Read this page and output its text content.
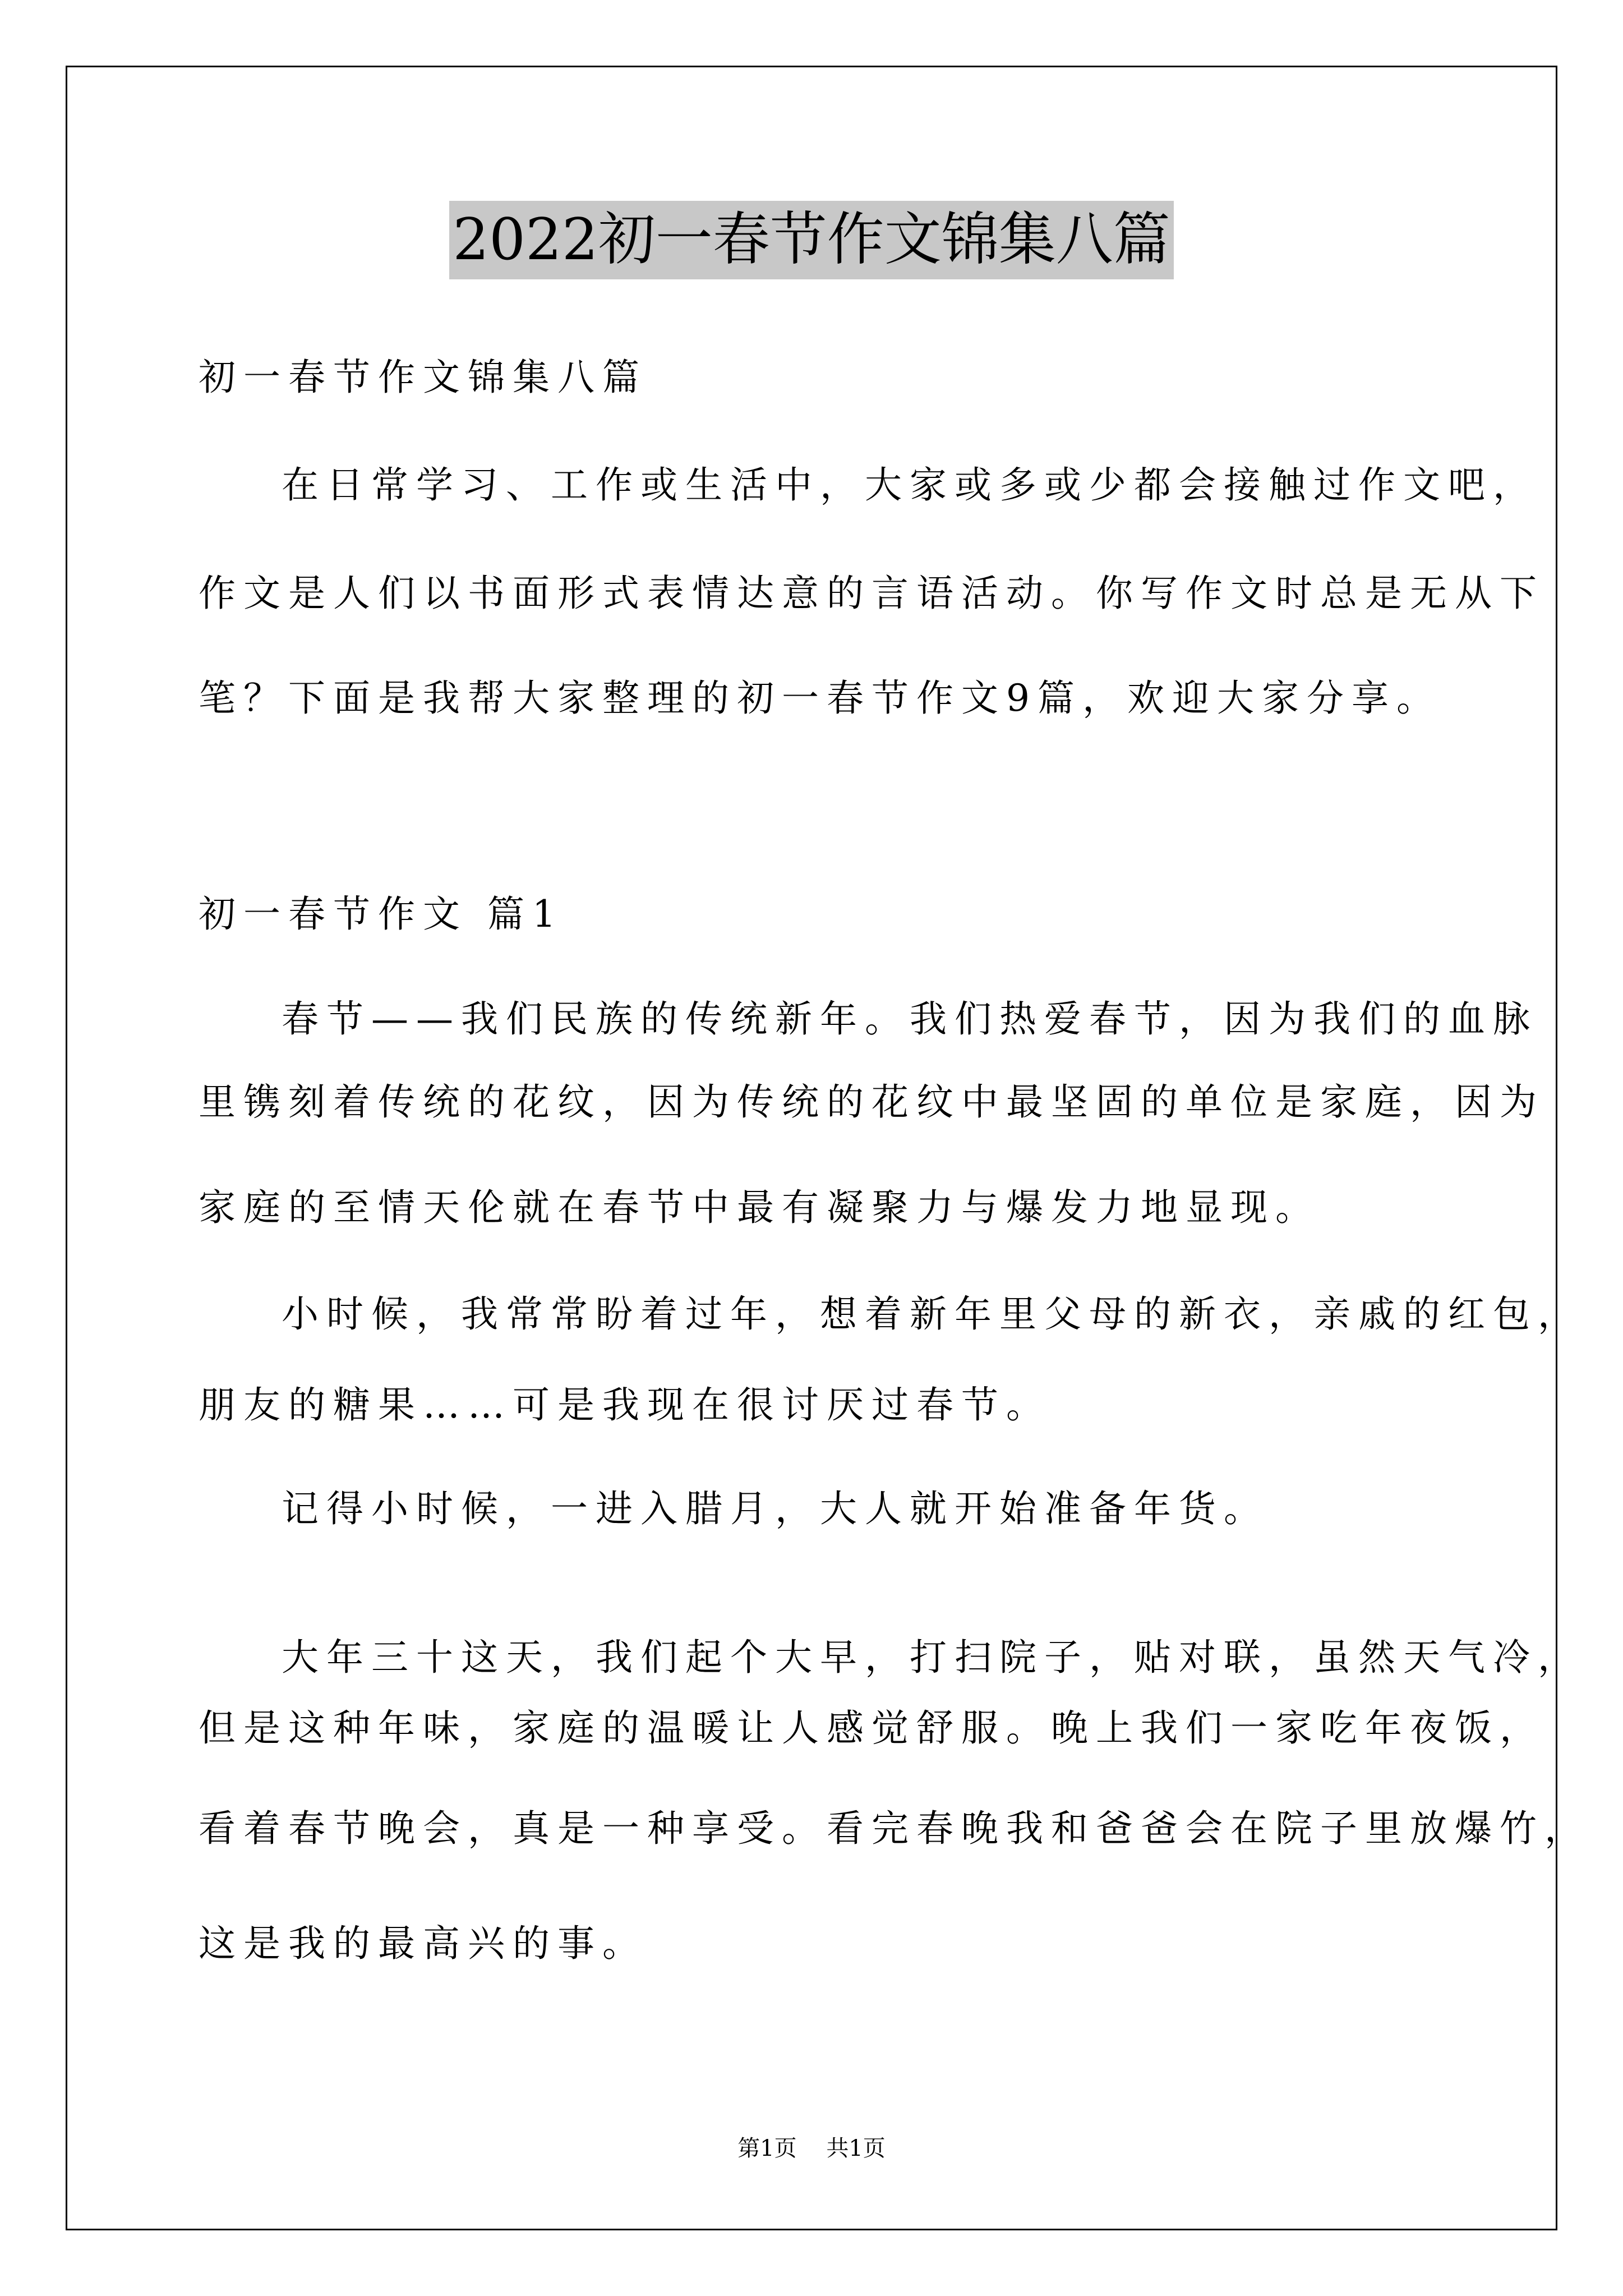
2022初一春节作文锦集八篇
初一春节作文锦集八篇
在日常学习、工作或生活中，大家或多或少都会接触过作文吧，
作文是人们以书面形式表情达意的言语活动。你写作文时总是无从下
笔？下面是我帮大家整理的初一春节作文9篇，欢迎大家分享。
初一春节作文 篇1
春节——我们民族的传统新年。我们热爱春节，因为我们的血脉
里镌刻着传统的花纹，因为传统的花纹中最坚固的单位是家庭，因为
家庭的至情天伦就在春节中最有凝聚力与爆发力地显现。
小时候，我常常盼着过年，想着新年里父母的新衣，亲戚的红包，
朋友的糖果……可是我现在很讨厌过春节。
记得小时候，一进入腊月，大人就开始准备年货。
大年三十这天，我们起个大早，打扫院子，贴对联，虽然天气冷，
但是这种年味，家庭的温暖让人感觉舒服。晚上我们一家吃年夜饭，
看着春节晚会，真是一种享受。看完春晚我和爸爸会在院子里放爆竹，
这是我的最高兴的事。
第1页 共1页
